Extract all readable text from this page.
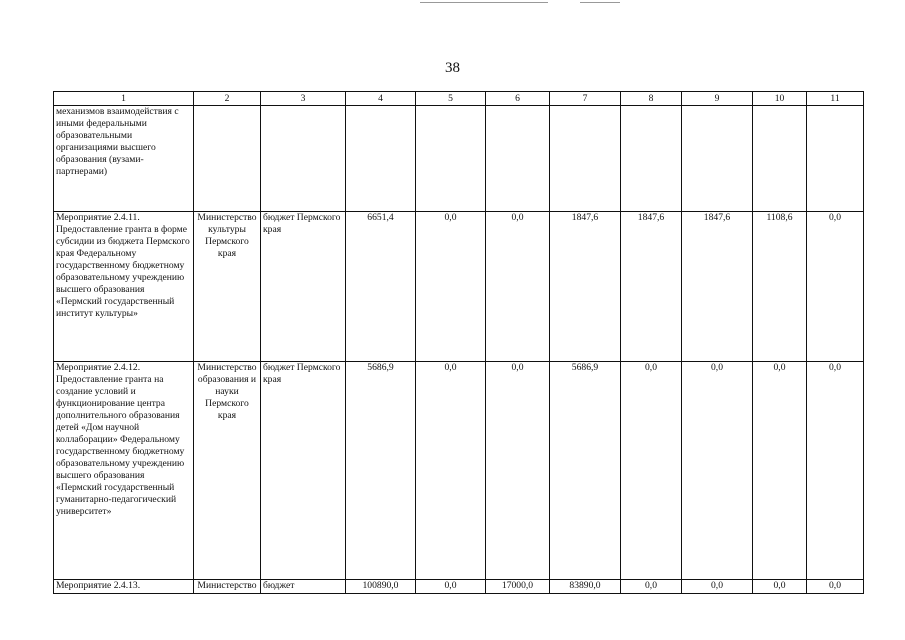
38
1	2	3	4	5	6	7	8	9	10	11
механизмов взаимодействия с иными федеральными образовательными организациями высшего образования (вузами-партнерами)										
Мероприятие 2.4.11. Предоставление гранта в форме субсидии из бюджета Пермского края Федеральному государственному бюджетному образовательному учреждению высшего образования «Пермский государственный институт культуры»	Министерство культуры Пермского края	бюджет Пермского края	6651,4	0,0	0,0	1847,6	1847,6	1847,6	1108,6	0,0
Мероприятие 2.4.12. Предоставление гранта на создание условий и функционирование центра дополнительного образования детей «Дом научной коллаборации» Федеральному государственному бюджетному образовательному учреждению высшего образования «Пермский государственный гуманитарно-педагогический университет»	Министерство образования и науки Пермского края	бюджет Пермского края	5686,9	0,0	0,0	5686,9	0,0	0,0	0,0	0,0
Мероприятие 2.4.13.	Министерство	бюджет	100890,0	0,0	17000,0	83890,0	0,0	0,0	0,0	0,0
